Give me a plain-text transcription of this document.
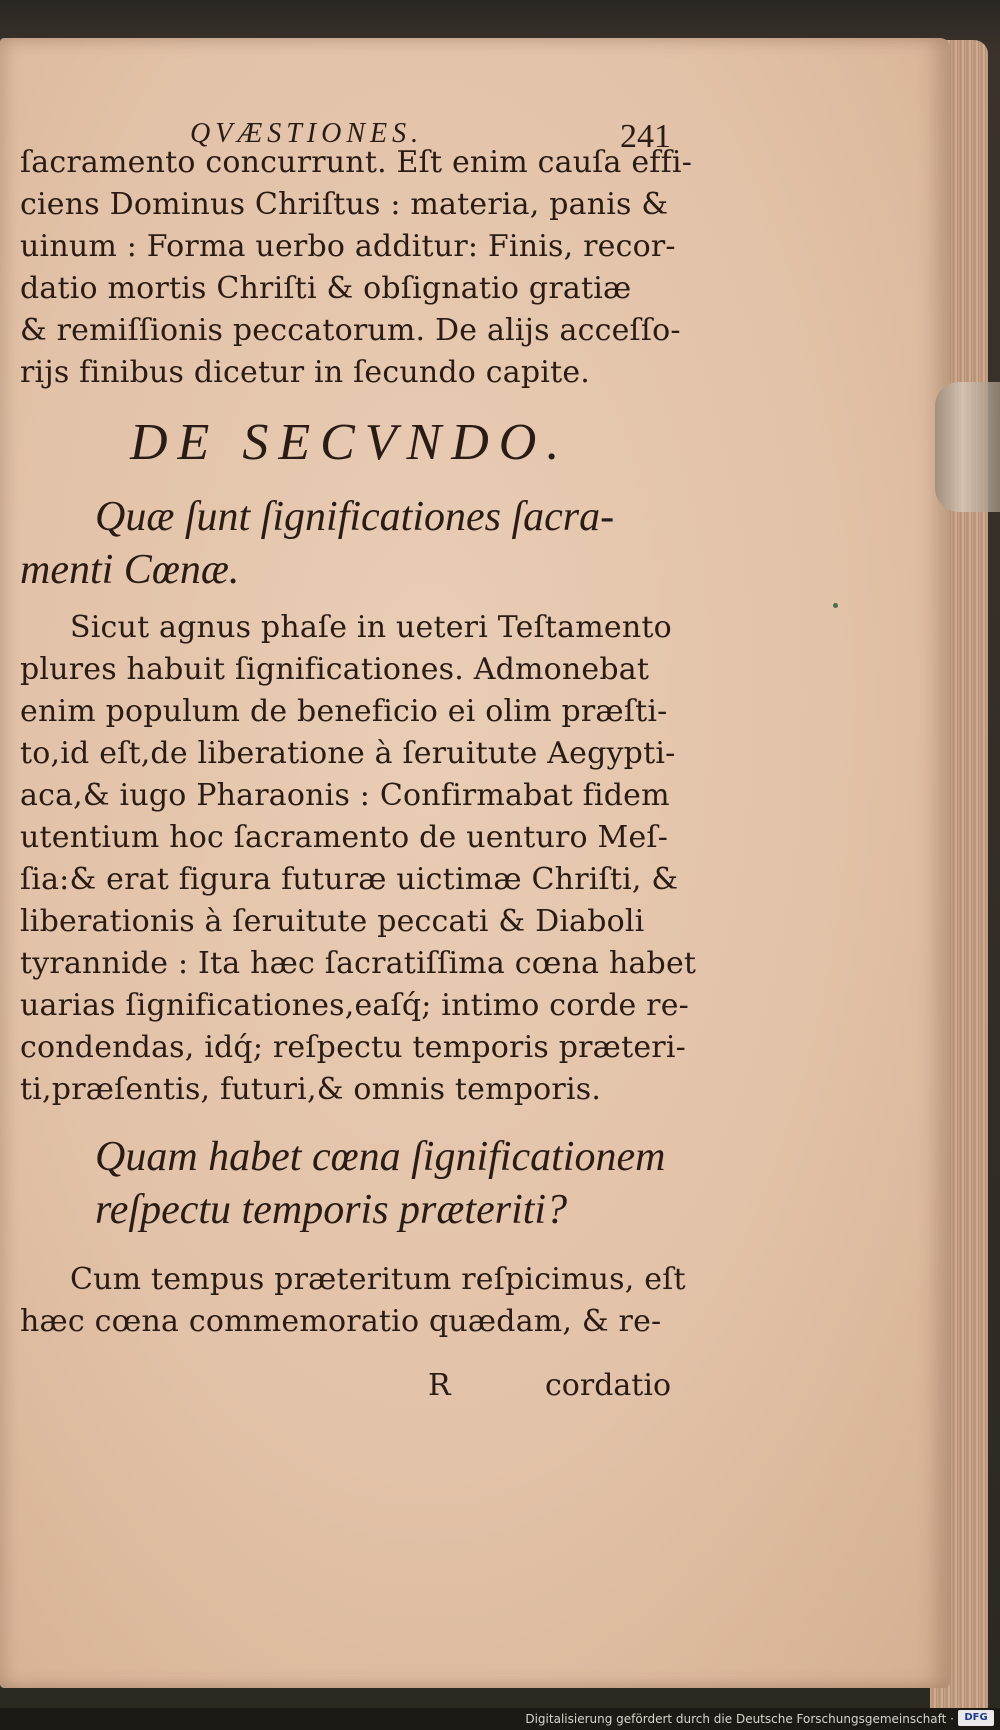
QVÆSTIONES.	241
ſacramento concurrunt. Eſt enim cauſa effi-
ciens Dominus Chriſtus : materia, panis &
uinum : Forma uerbo additur: Finis, recor-
datio mortis Chriſti & obſignatio gratiæ
& remiſſionis peccatorum. De alijs acceſſo-
rijs finibus dicetur in ſecundo capite.
DE SECVNDO.
Quæ ſunt ſignificationes ſacra-
menti Cœnæ.
Sicut agnus phaſe in ueteri Teſtamento
plures habuit ſignificationes. Admonebat
enim populum de beneficio ei olim præſti-
to,id eſt,de liberatione à ſeruitute Aegypti-
aca,& iugo Pharaonis : Confirmabat fidem
utentium hoc ſacramento de uenturo Meſ-
ſia:& erat figura futuræ uictimæ Chriſti, &
liberationis à ſeruitute peccati & Diaboli
tyrannide : Ita hæc ſacratiſſima cœna habet
uarias ſignificationes,eaſq́; intimo corde re-
condendas, idq́; reſpectu temporis præteri-
ti,præſentis, futuri,& omnis temporis.
Quam habet cœna ſignificationem
reſpectu temporis præteriti?
Cum tempus præteritum reſpicimus, eſt
hæc cœna commemoratio quædam, & re-
R	cordatio
Digitalisierung gefördert durch die Deutsche Forschungsgemeinschaft ·	DFG
